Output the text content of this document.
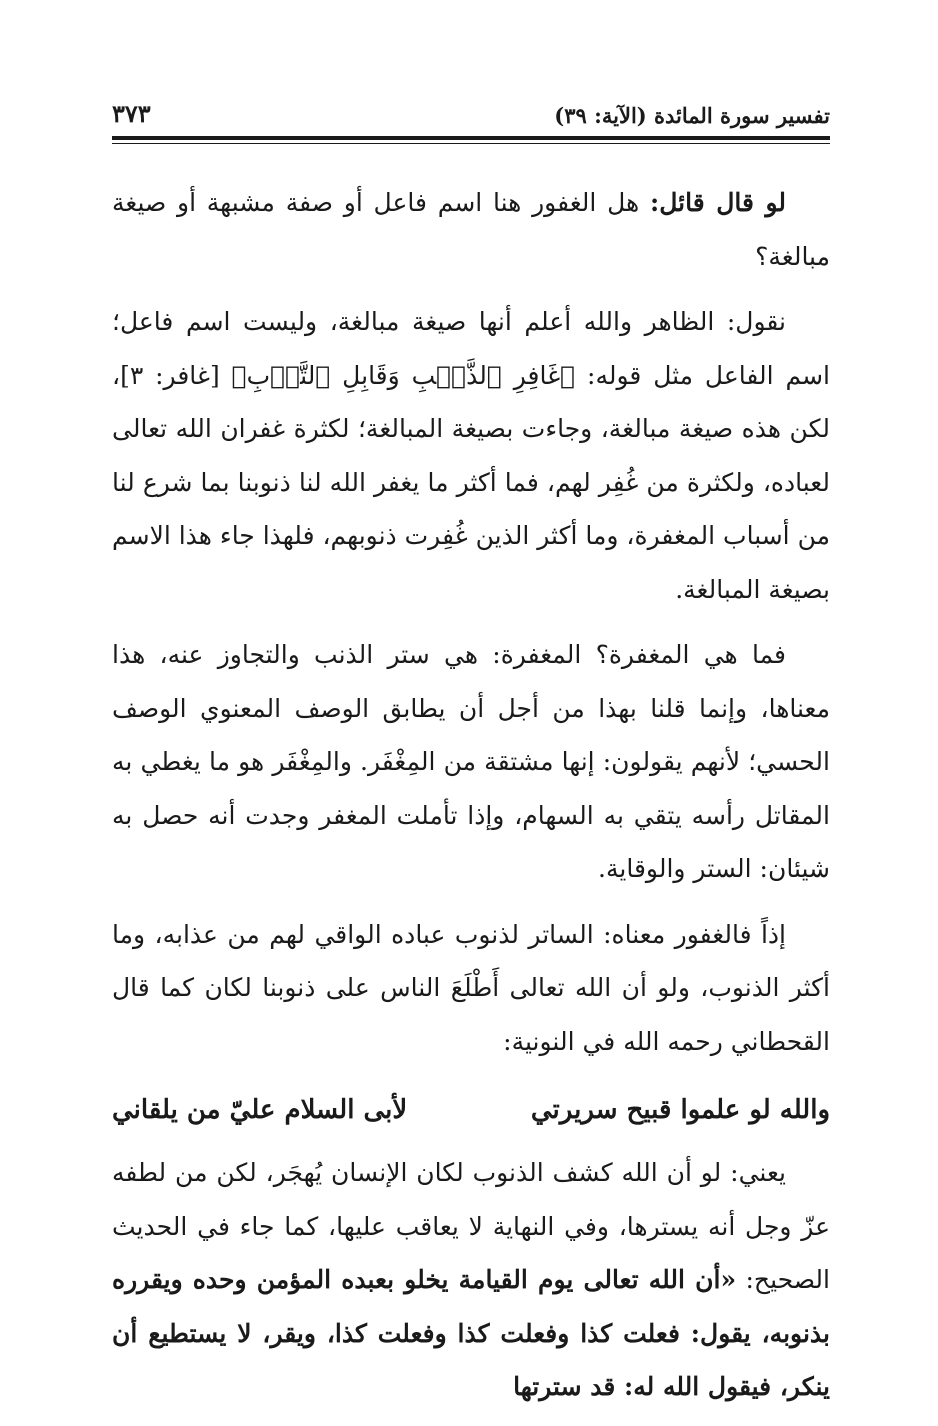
تفسير سورة المائدة (الآية: ٣٩)
٣٧٣

لو قال قائل: هل الغفور هنا اسم فاعل أو صفة مشبهة أو صيغة مبالغة؟

نقول: الظاهر والله أعلم أنها صيغة مبالغة، وليست اسم فاعل؛ اسم الفاعل مثل قوله: ﴿غَافِرِ ٱلذَّنۢبِ وَقَابِلِ ٱلتَّوۡبِ﴾ [غافر: ٣]، لكن هذه صيغة مبالغة، وجاءت بصيغة المبالغة؛ لكثرة غفران الله تعالى لعباده، ولكثرة من غُفِر لهم، فما أكثر ما يغفر الله لنا ذنوبنا بما شرع لنا من أسباب المغفرة، وما أكثر الذين غُفِرت ذنوبهم، فلهذا جاء هذا الاسم بصيغة المبالغة.

فما هي المغفرة؟ المغفرة: هي ستر الذنب والتجاوز عنه، هذا معناها، وإنما قلنا بهذا من أجل أن يطابق الوصف المعنوي الوصف الحسي؛ لأنهم يقولون: إنها مشتقة من المِغْفَر. والمِغْفَر هو ما يغطي به المقاتل رأسه يتقي به السهام، وإذا تأملت المغفر وجدت أنه حصل به شيئان: الستر والوقاية.

إذاً فالغفور معناه: الساتر لذنوب عباده الواقي لهم من عذابه، وما أكثر الذنوب، ولو أن الله تعالى أَطْلَعَ الناس على ذنوبنا لكان كما قال القحطاني رحمه الله في النونية:

والله لو علموا قبيح سريرتي
لأبى السلام عليّ من يلقاني

يعني: لو أن الله كشف الذنوب لكان الإنسان يُهجَر، لكن من لطفه عزّ وجل أنه يسترها، وفي النهاية لا يعاقب عليها، كما جاء في الحديث الصحيح: «أن الله تعالى يوم القيامة يخلو بعبده المؤمن وحده ويقرره بذنوبه، يقول: فعلت كذا وفعلت كذا وفعلت كذا، ويقر، لا يستطيع أن ينكر، فيقول الله له: قد سترتها
